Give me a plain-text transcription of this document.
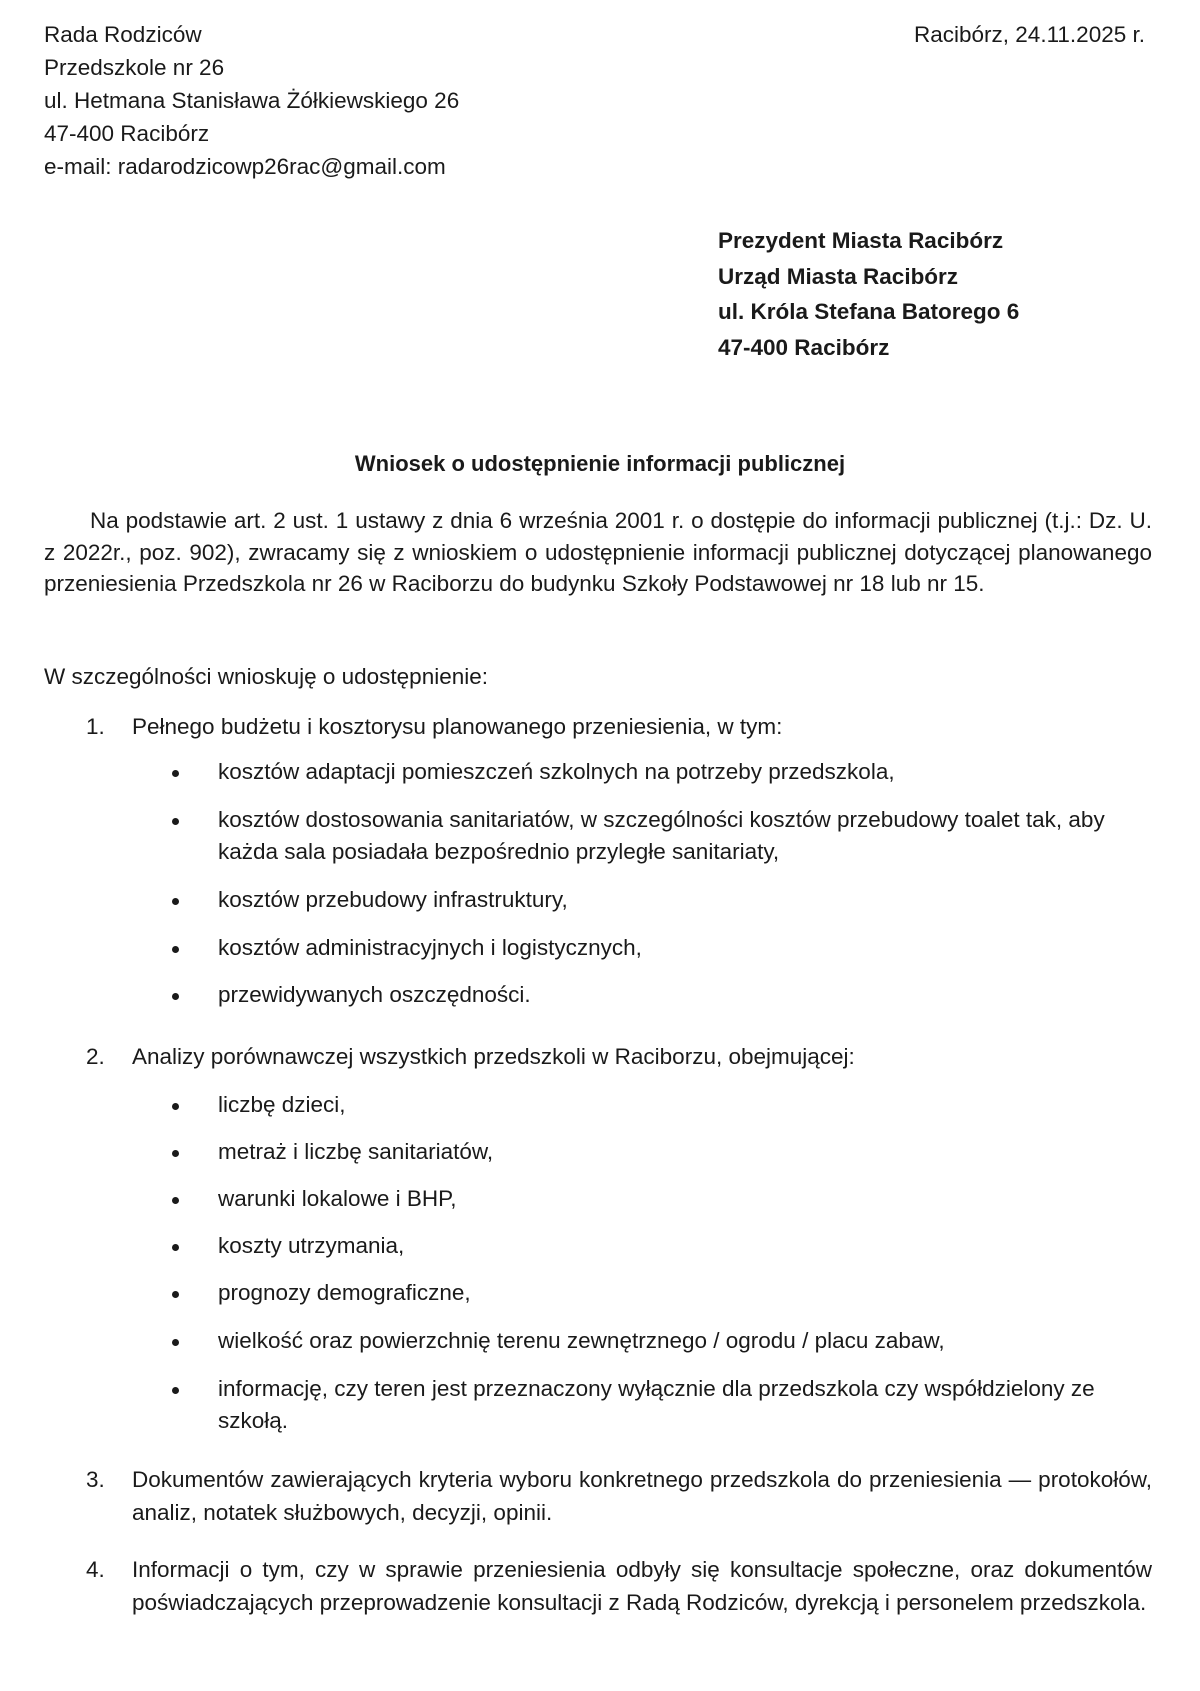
Rada Rodziców
Przedszkole nr 26
ul. Hetmana Stanisława Żółkiewskiego 26
47-400 Racibórz
e-mail: radarodzicowp26rac@gmail.com
Racibórz, 24.11.2025 r.
Prezydent Miasta Racibórz
Urząd Miasta Racibórz
ul. Króla Stefana Batorego 6
47-400 Racibórz
Wniosek o udostępnienie informacji publicznej
Na podstawie art. 2 ust. 1 ustawy z dnia 6 września 2001 r. o dostępie do informacji publicznej (t.j.: Dz. U. z 2022r., poz. 902), zwracamy się z wnioskiem o udostępnienie informacji publicznej dotyczącej planowanego przeniesienia Przedszkola nr 26 w Raciborzu do budynku Szkoły Podstawowej nr 18 lub nr 15.
W szczególności wnioskuję o udostępnienie:
1. Pełnego budżetu i kosztorysu planowanego przeniesienia, w tym:
kosztów adaptacji pomieszczeń szkolnych na potrzeby przedszkola,
kosztów dostosowania sanitariatów, w szczególności kosztów przebudowy toalet tak, aby każda sala posiadała bezpośrednio przyległe sanitariaty,
kosztów przebudowy infrastruktury,
kosztów administracyjnych i logistycznych,
przewidywanych oszczędności.
2. Analizy porównawczej wszystkich przedszkoli w Raciborzu, obejmującej:
liczbę dzieci,
metraż i liczbę sanitariatów,
warunki lokalowe i BHP,
koszty utrzymania,
prognozy demograficzne,
wielkość oraz powierzchnię terenu zewnętrznego / ogrodu / placu zabaw,
informację, czy teren jest przeznaczony wyłącznie dla przedszkola czy współdzielony ze szkołą.
3. Dokumentów zawierających kryteria wyboru konkretnego przedszkola do przeniesienia — protokołów, analiz, notatek służbowych, decyzji, opinii.
4. Informacji o tym, czy w sprawie przeniesienia odbyły się konsultacje społeczne, oraz dokumentów poświadczających przeprowadzenie konsultacji z Radą Rodziców, dyrekcją i personelem przedszkola.
